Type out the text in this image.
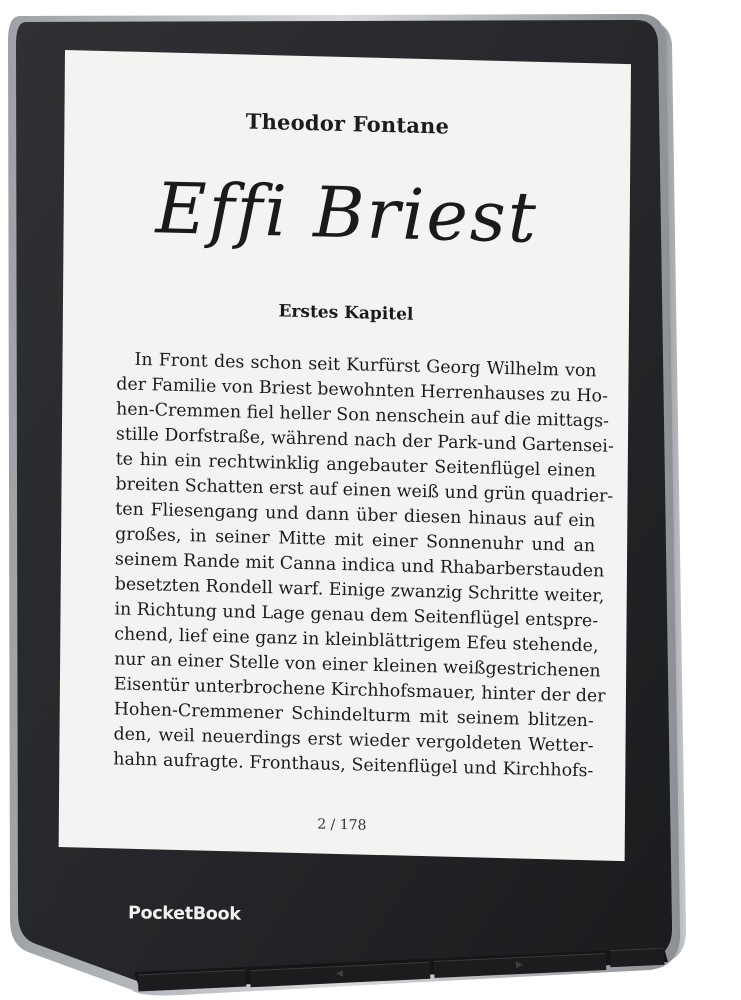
Theodor Fontane
Effi Briest
Erstes Kapitel
In Front des schon seit Kurfürst Georg Wilhelm von
der Familie von Briest bewohnten Herrenhauses zu Ho-
hen-Cremmen fiel heller Son nenschein auf die mittags-
stille Dorfstraße, während nach der Park-und Gartensei-
te hin ein rechtwinklig angebauter Seitenflügel einen
breiten Schatten erst auf einen weiß und grün quadrier-
ten Fliesengang und dann über diesen hinaus auf ein
großes, in seiner Mitte mit einer Sonnenuhr und an
seinem Rande mit Canna indica und Rhabarberstauden
besetzten Rondell warf. Einige zwanzig Schritte weiter,
in Richtung und Lage genau dem Seitenflügel entspre-
chend, lief eine ganz in kleinblättrigem Efeu stehende,
nur an einer Stelle von einer kleinen weißgestrichenen
Eisentür unterbrochene Kirchhofsmauer, hinter der der
Hohen-Cremmener Schindelturm mit seinem blitzen-
den, weil neuerdings erst wieder vergoldeten Wetter-
hahn aufragte. Fronthaus, Seitenflügel und Kirchhofs-
2 / 178
PocketBook
◀
▶
